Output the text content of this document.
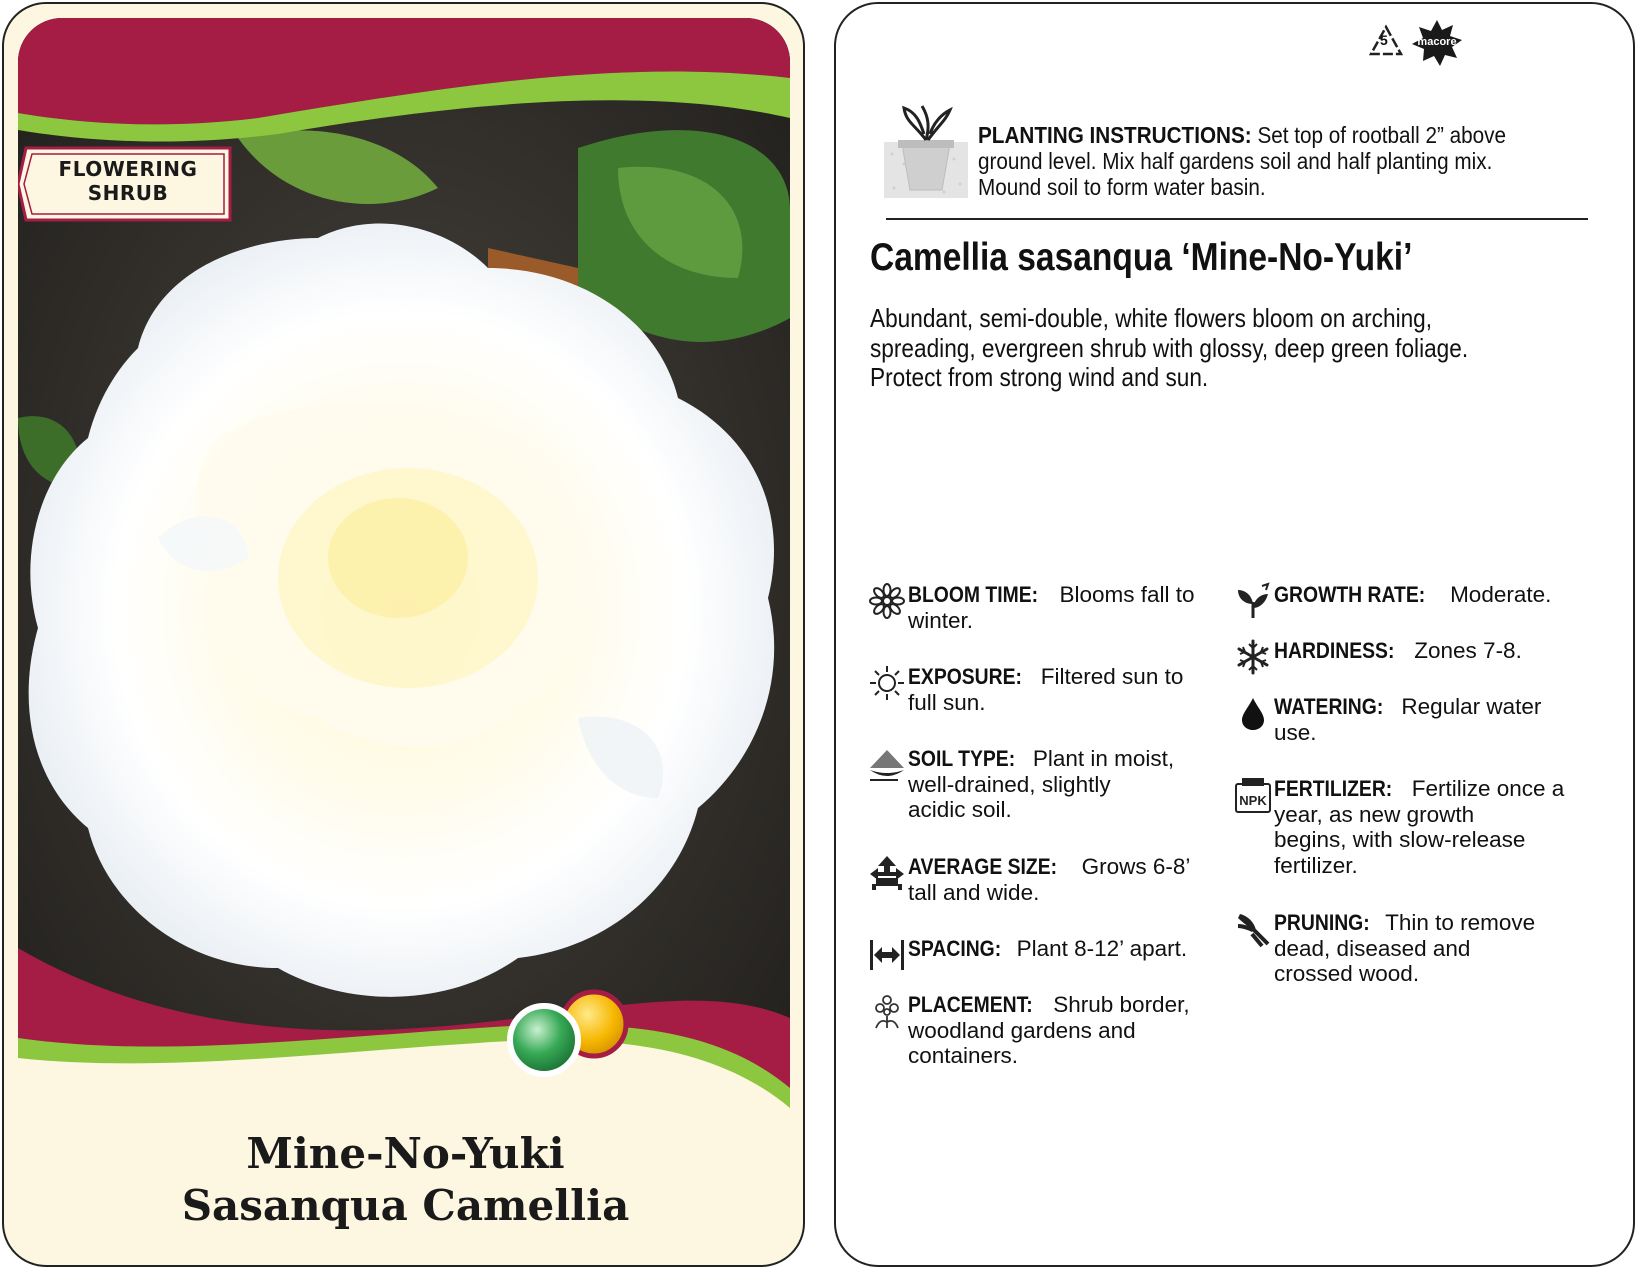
FLOWERING
SHRUB
Mine-No-Yuki
Sasanqua Camellia
5	macore
PLANTING INSTRUCTIONS: Set top of rootball 2” above
ground level. Mix half gardens soil and half planting mix.
Mound soil to form water basin.
Camellia sasanqua ‘Mine-No-Yuki’
Abundant, semi-double, white flowers bloom on arching,
spreading, evergreen shrub with glossy, deep green foliage.
Protect from strong wind and sun.
BLOOM TIME: Blooms fall to
winter.
EXPOSURE: Filtered sun to
full sun.
SOIL TYPE: Plant in moist,
well-drained, slightly
acidic soil.
AVERAGE SIZE: Grows 6-8’
tall and wide.
SPACING: Plant 8-12’ apart.
PLACEMENT: Shrub border,
woodland gardens and
containers.
GROWTH RATE: Moderate.
HARDINESS: Zones 7-8.
WATERING: Regular water
use.
NPK FERTILIZER: Fertilize once a
year, as new growth
begins, with slow-release
fertilizer.
PRUNING: Thin to remove
dead, diseased and
crossed wood.
